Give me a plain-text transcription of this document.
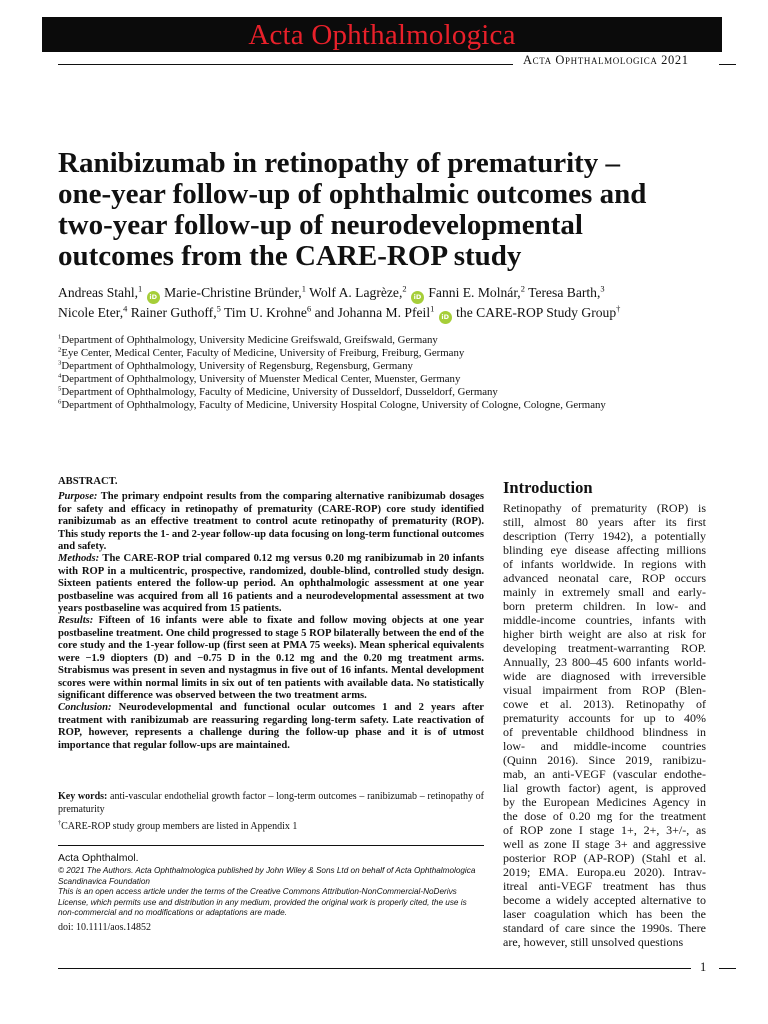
Acta Ophthalmologica
Acta Ophthalmologica 2021
Ranibizumab in retinopathy of prematurity –
one-year follow-up of ophthalmic outcomes and
two-year follow-up of neurodevelopmental
outcomes from the CARE-ROP study
Andreas Stahl,$^1$ iD Marie-Christine Bründer,$^1$ Wolf A. Lagrèze,$^2$ iD Fanni E. Molnár,$^2$ Teresa Barth,$^3$
Nicole Eter,$^4$ Rainer Guthoff,$^5$ Tim U. Krohne$^6$ and Johanna M. Pfeil$^1$ iD the CARE-ROP Study Group†
$^1$Department of Ophthalmology, University Medicine Greifswald, Greifswald, Germany
$^2$Eye Center, Medical Center, Faculty of Medicine, University of Freiburg, Freiburg, Germany
$^3$Department of Ophthalmology, University of Regensburg, Regensburg, Germany
$^4$Department of Ophthalmology, University of Muenster Medical Center, Muenster, Germany
$^5$Department of Ophthalmology, Faculty of Medicine, University of Dusseldorf, Dusseldorf, Germany
$^6$Department of Ophthalmology, Faculty of Medicine, University Hospital Cologne, University of Cologne, Cologne, Germany

ABSTRACT.

Purpose: The primary endpoint results from the comparing alternative ranibizumab dosages for safety and efficacy in retinopathy of prematurity (CARE-ROP) core study identified ranibizumab as an effective treatment to control acute retinopathy of prematurity (ROP). This study reports the 1- and 2-year follow-up data focusing on long-term functional outcomes and safety.

Methods: The CARE-ROP trial compared 0.12 mg versus 0.20 mg ranibizumab in 20 infants with ROP in a multicentric, prospective, randomized, double-blind, controlled study design. Sixteen patients entered the follow-up period. An ophthalmologic assessment at one year postbaseline was acquired from all 16 patients and a neurodevelopmental assessment at two years postbaseline was acquired from 15 patients.

Results: Fifteen of 16 infants were able to fixate and follow moving objects at one year postbaseline treatment. One child progressed to stage 5 ROP bilaterally between the end of the core study and the 1-year follow-up (first seen at PMA 75 weeks). Mean spherical equivalents were −1.9 diopters (D) and −0.75 D in the 0.12 mg and the 0.20 mg treatment arms. Strabismus was present in seven and nystagmus in five out of 16 infants. Mental development scores were within normal limits in six out of ten patients with available data. No statistically significant difference was observed between the two treatment arms.

Conclusion: Neurodevelopmental and functional ocular outcomes 1 and 2 years after treatment with ranibizumab are reassuring regarding long-term safety. Late reactivation of ROP, however, represents a challenge during the follow-up phase and it is of utmost importance that regular follow-ups are maintained.

Key words: anti-vascular endothelial growth factor – long-term outcomes – ranibizumab – retinopathy of prematurity
†CARE-ROP study group members are listed in Appendix 1
Acta Ophthalmol.
© 2021 The Authors. Acta Ophthalmologica published by John Wiley & Sons Ltd on behalf of Acta Ophthalmologica Scandinavica Foundation
This is an open access article under the terms of the Creative Commons Attribution-NonCommercial-NoDerivs License, which permits use and distribution in any medium, provided the original work is properly cited, the use is non-commercial and no modifications or adaptations are made.
doi: 10.1111/aos.14852
Introduction
Retinopathy of prematurity (ROP) is
still, almost 80 years after its first
description (Terry 1942), a potentially
blinding eye disease affecting millions
of infants worldwide. In regions with
advanced neonatal care, ROP occurs
mainly in extremely small and early-
born preterm children. In low- and
middle-income countries, infants with
higher birth weight are also at risk for
developing treatment-warranting ROP.
Annually, 23 800–45 600 infants world-
wide are diagnosed with irreversible
visual impairment from ROP (Blen-
cowe et al. 2013). Retinopathy of
prematurity accounts for up to 40%
of preventable childhood blindness in
low- and middle-income countries
(Quinn 2016). Since 2019, ranibizu-
mab, an anti-VEGF (vascular endothe-
lial growth factor) agent, is approved
by the European Medicines Agency in
the dose of 0.20 mg for the treatment
of ROP zone I stage 1+, 2+, 3+/-, as
well as zone II stage 3+ and aggressive
posterior ROP (AP-ROP) (Stahl et al.
2019; EMA. Europa.eu 2020). Intrav-
itreal anti-VEGF treatment has thus
become a widely accepted alternative to
laser coagulation which has been the
standard of care since the 1990s. There
are, however, still unsolved questions
1
